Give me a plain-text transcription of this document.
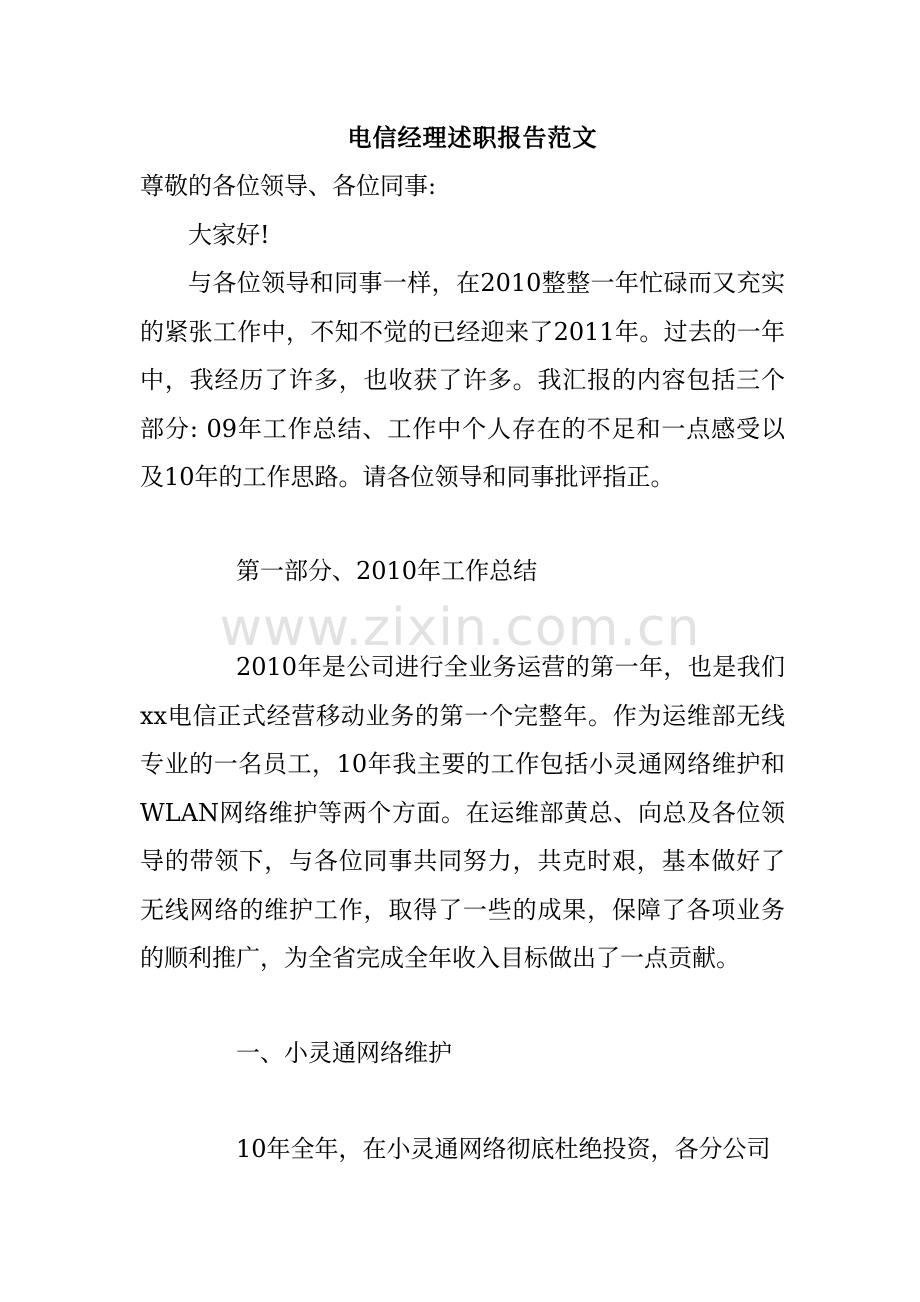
电信经理述职报告范文

尊敬的各位领导、各位同事:

大家好!

与各位领导和同事一样，在2010整整一年忙碌而又充实的紧张工作中，不知不觉的已经迎来了2011年。过去的一年中，我经历了许多，也收获了许多。我汇报的内容包括三个部分: 09年工作总结、工作中个人存在的不足和一点感受以及10年的工作思路。请各位领导和同事批评指正。

第一部分、2010年工作总结

www.zixin.com.cn

2010年是公司进行全业务运营的第一年，也是我们xx电信正式经营移动业务的第一个完整年。作为运维部无线专业的一名员工，10年我主要的工作包括小灵通网络维护和WLAN网络维护等两个方面。在运维部黄总、向总及各位领导的带领下，与各位同事共同努力，共克时艰，基本做好了无线网络的维护工作，取得了一些的成果，保障了各项业务的顺利推广，为全省完成全年收入目标做出了一点贡献。

一、小灵通网络维护

10年全年，在小灵通网络彻底杜绝投资，各分公司
